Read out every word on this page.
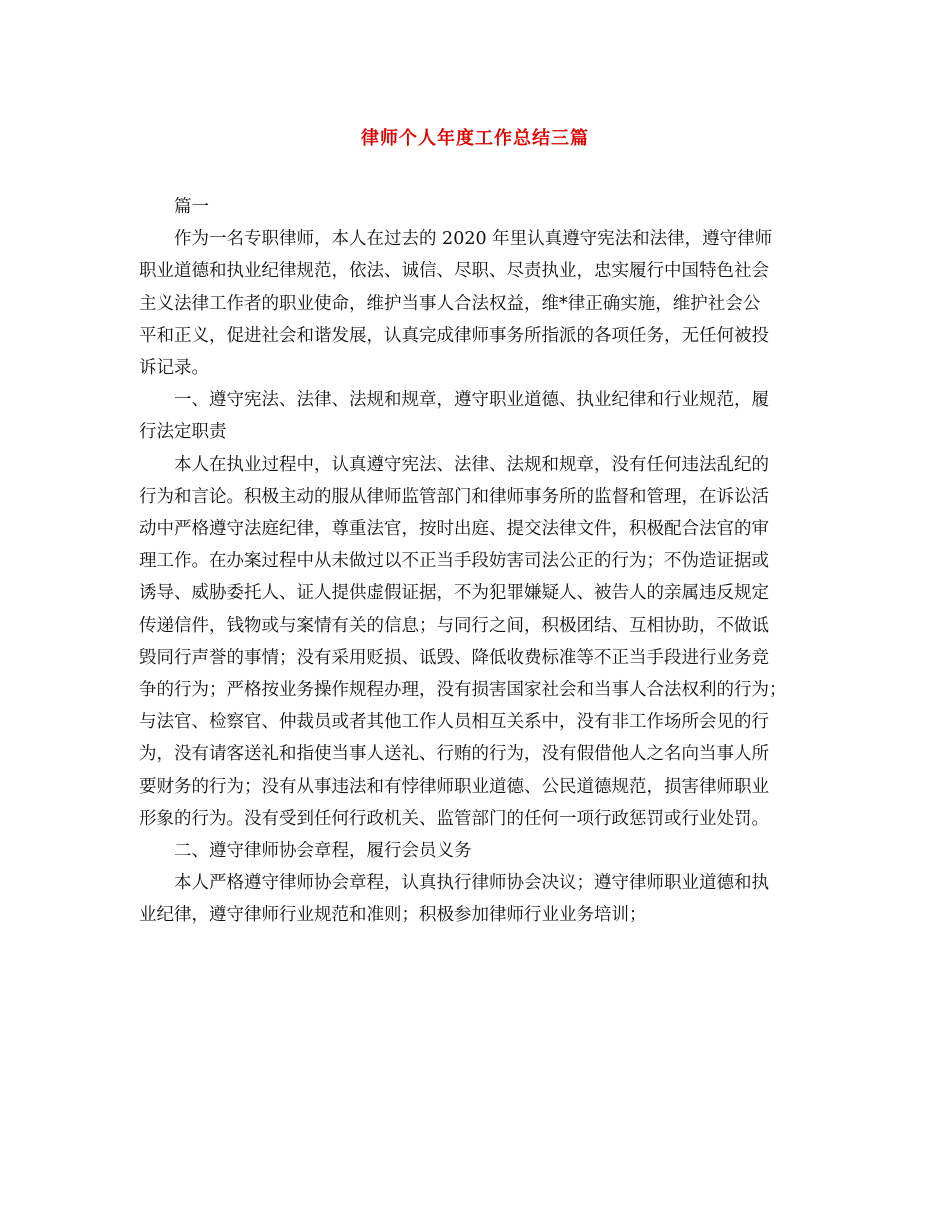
律师个人年度工作总结三篇
篇一
作为一名专职律师，本人在过去的 2020 年里认真遵守宪法和法律，遵守律师
职业道德和执业纪律规范，依法、诚信、尽职、尽责执业，忠实履行中国特色社会
主义法律工作者的职业使命，维护当事人合法权益，维*律正确实施，维护社会公
平和正义，促进社会和谐发展，认真完成律师事务所指派的各项任务，无任何被投
诉记录。
一、遵守宪法、法律、法规和规章，遵守职业道德、执业纪律和行业规范，履
行法定职责
本人在执业过程中，认真遵守宪法、法律、法规和规章，没有任何违法乱纪的
行为和言论。积极主动的服从律师监管部门和律师事务所的监督和管理，在诉讼活
动中严格遵守法庭纪律，尊重法官，按时出庭、提交法律文件，积极配合法官的审
理工作。在办案过程中从未做过以不正当手段妨害司法公正的行为；不伪造证据或
诱导、威胁委托人、证人提供虚假证据，不为犯罪嫌疑人、被告人的亲属违反规定
传递信件，钱物或与案情有关的信息；与同行之间，积极团结、互相协助，不做诋
毁同行声誉的事情；没有采用贬损、诋毁、降低收费标准等不正当手段进行业务竞
争的行为；严格按业务操作规程办理，没有损害国家社会和当事人合法权利的行为；
与法官、检察官、仲裁员或者其他工作人员相互关系中，没有非工作场所会见的行
为，没有请客送礼和指使当事人送礼、行贿的行为，没有假借他人之名向当事人所
要财务的行为；没有从事违法和有悖律师职业道德、公民道德规范，损害律师职业
形象的行为。没有受到任何行政机关、监管部门的任何一项行政惩罚或行业处罚。
二、遵守律师协会章程，履行会员义务
本人严格遵守律师协会章程，认真执行律师协会决议；遵守律师职业道德和执
业纪律，遵守律师行业规范和准则；积极参加律师行业业务培训；
